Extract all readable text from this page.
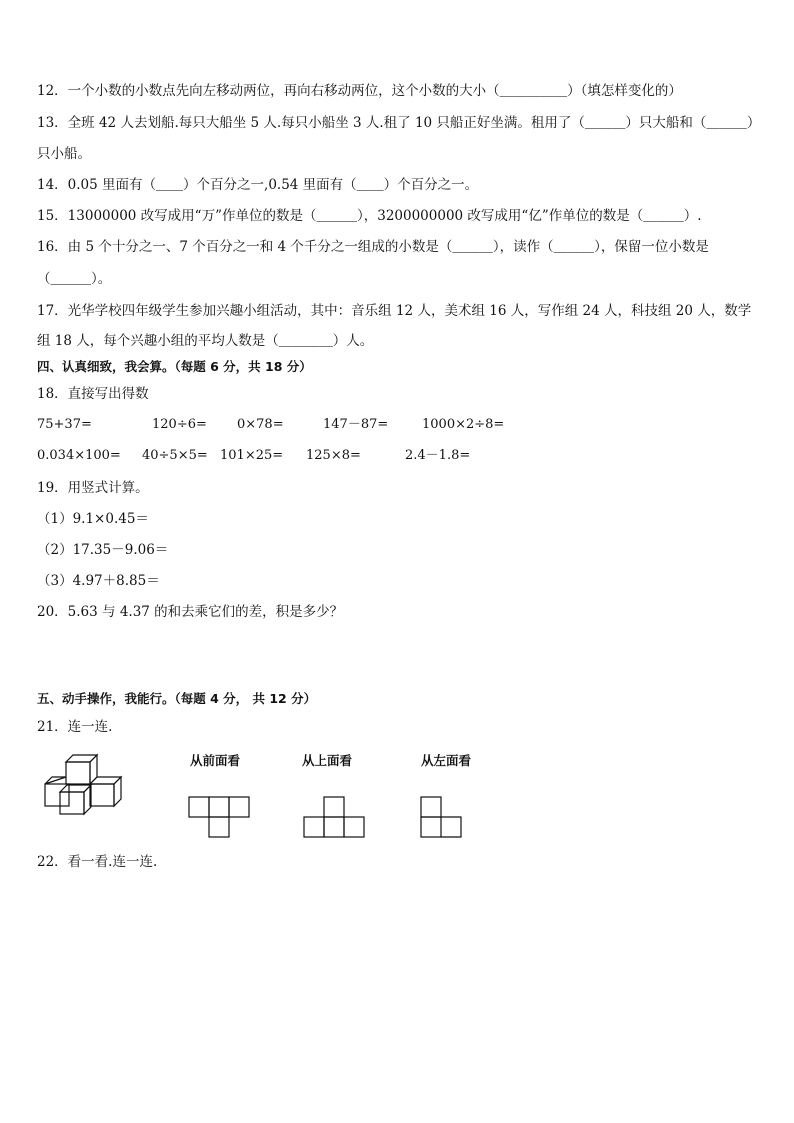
12．一个小数的小数点先向左移动两位，再向右移动两位，这个小数的大小（＿＿＿＿＿）（填怎样变化的）
13．全班 42 人去划船.每只大船坐 5 人.每只小船坐 3 人.租了 10 只船正好坐满。租用了（＿＿＿）只大船和（＿＿＿）
只小船。
14．0.05 里面有（＿＿）个百分之一,0.54 里面有（＿＿）个百分之一。
15．13000000 改写成用“万”作单位的数是（＿＿＿），3200000000 改写成用“亿”作单位的数是（＿＿＿）.
16．由 5 个十分之一、7 个百分之一和 4 个千分之一组成的小数是（＿＿＿），读作（＿＿＿），保留一位小数是
（＿＿＿）。
17．光华学校四年级学生参加兴趣小组活动，其中：音乐组 12 人，美术组 16 人，写作组 24 人，科技组 20 人，数学
组 18 人，每个兴趣小组的平均人数是（＿＿＿＿）人。
四、认真细致，我会算。（每题 6 分，共 18 分）
18．直接写出得数
75+37=	120÷6= 0×78=	147－87=	1000×2÷8=
0.034×100= 40÷5×5= 101×25= 125×8=	2.4－1.8=
19．用竖式计算。
（1）9.1×0.45＝
（2）17.35－9.06＝
（3）4.97＋8.85＝
20．5.63 与 4.37 的和去乘它们的差，积是多少？
五、动手操作，我能行。（每题 4 分， 共 12 分）
21．连一连.
从前面看	从上面看	从左面看
22．看一看.连一连.
